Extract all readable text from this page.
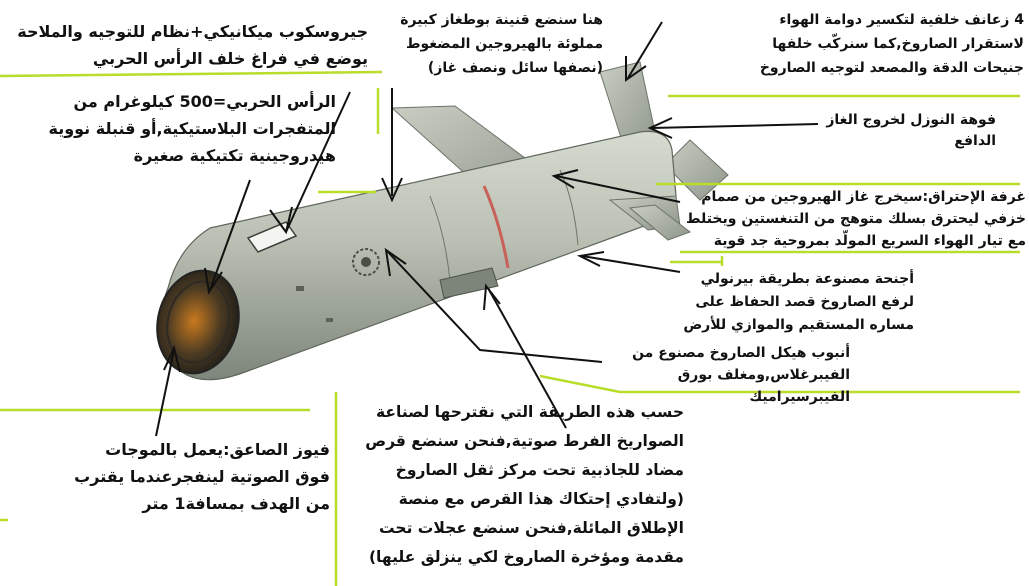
جيروسكوب ميكانيكي+نظام للتوجيه والملاحة
يوضع في فراغ خلف الرأس الحربي
هنا سنضع قنينة بوطغاز كبيرة
مملوئة بالهيروجين المضغوط
(نصفها سائل ونصف غاز)
4 زعانف خلفية لتكسير دوامة الهواء
لاستقرار الصاروخ,كما سنركّب خلفها
جنيحات الدقة والمصعد لتوجيه الصاروخ
الرأس الحربي=500 كيلوغرام من
المتفجرات البلاستيكية,أو قنبلة نووية
هيدروجينية تكتيكية صغيرة
فوهة النوزل لخروج الغاز الدافع
غرفة الإحتراق:سيخرج غاز الهيروجين من صمام
خزفي ليحترق بسلك متوهج من التنغستين ويختلط
مع تيار الهواء السريع المولّد بمروحية جد قوية
أجنحة مصنوعة بطريقة بيرنولي
لرفع الصاروخ قصد الحفاظ على
مساره المستقيم والموازي للأرض
أنبوب هيكل الصاروخ مصنوع من
الفيبرغلاس,ومغلف بورق الفيبرسيراميك
فيوز الصاعق:يعمل بالموجات
فوق الصوتية لينفجرعندما يقترب
من الهدف بمسافة1 متر
حسب هذه الطريقة التي نقترحها لصناعة
الصواريخ الفرط صوتية,فنحن سنضع قرص
مضاد للجاذبية تحت مركز ثقل الصاروخ
(ولتفادي إحتكاك هذا القرص مع منصة
الإطلاق المائلة,فنحن سنضع عجلات تحت
مقدمة ومؤخرة الصاروخ لكي ينزلق عليها)
